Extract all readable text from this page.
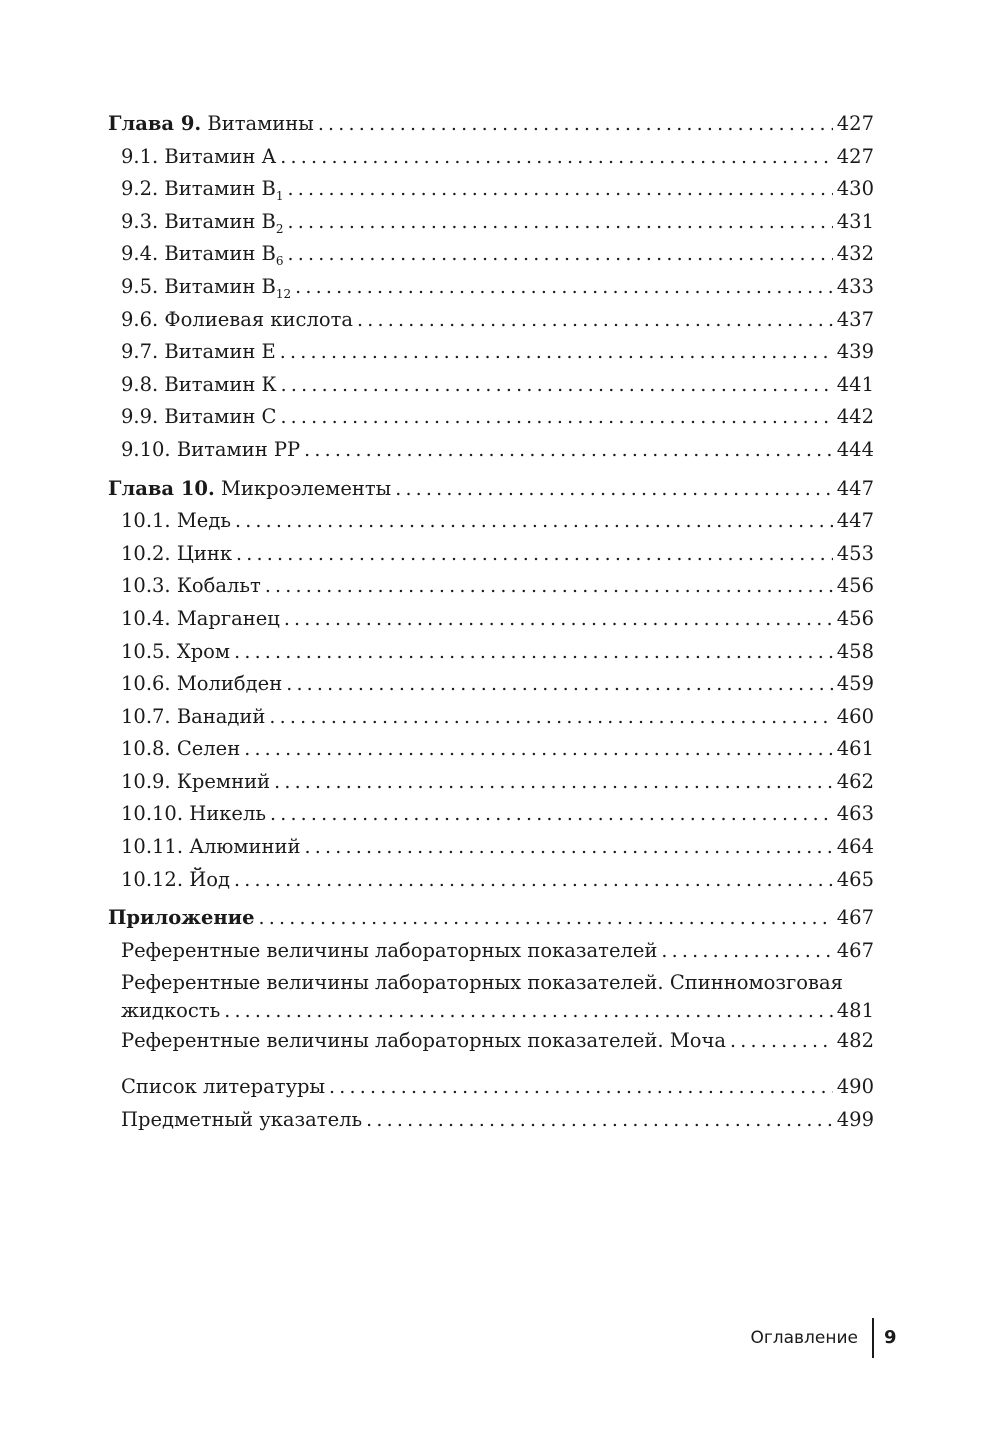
Глава 9. Витамины .....	427
9.1. Витамин А .....	427
9.2. Витамин $В_1$ .....	430
9.3. Витамин $В_2$ .....	431
9.4. Витамин $В_6$ .....	432
9.5. Витамин $В_{12}$ .....	433
9.6. Фолиевая кислота .....	437
9.7. Витамин Е .....	439
9.8. Витамин К .....	441
9.9. Витамин С .....	442
9.10. Витамин РР .....	444
Глава 10. Микроэлементы .....	447
10.1. Медь .....	447
10.2. Цинк .....	453
10.3. Кобальт .....	456
10.4. Марганец .....	456
10.5. Хром .....	458
10.6. Молибден .....	459
10.7. Ванадий .....	460
10.8. Селен .....	461
10.9. Кремний .....	462
10.10. Никель .....	463
10.11. Алюминий .....	464
10.12. Йод .....	465
Приложение .....	467
Референтные величины лабораторных показателей .....	467
Референтные величины лабораторных показателей. Спинномозговая
жидкость .....	481
Референтные величины лабораторных показателей. Моча .....	482
Список литературы .....	490
Предметный указатель .....	499
Оглавление 9
